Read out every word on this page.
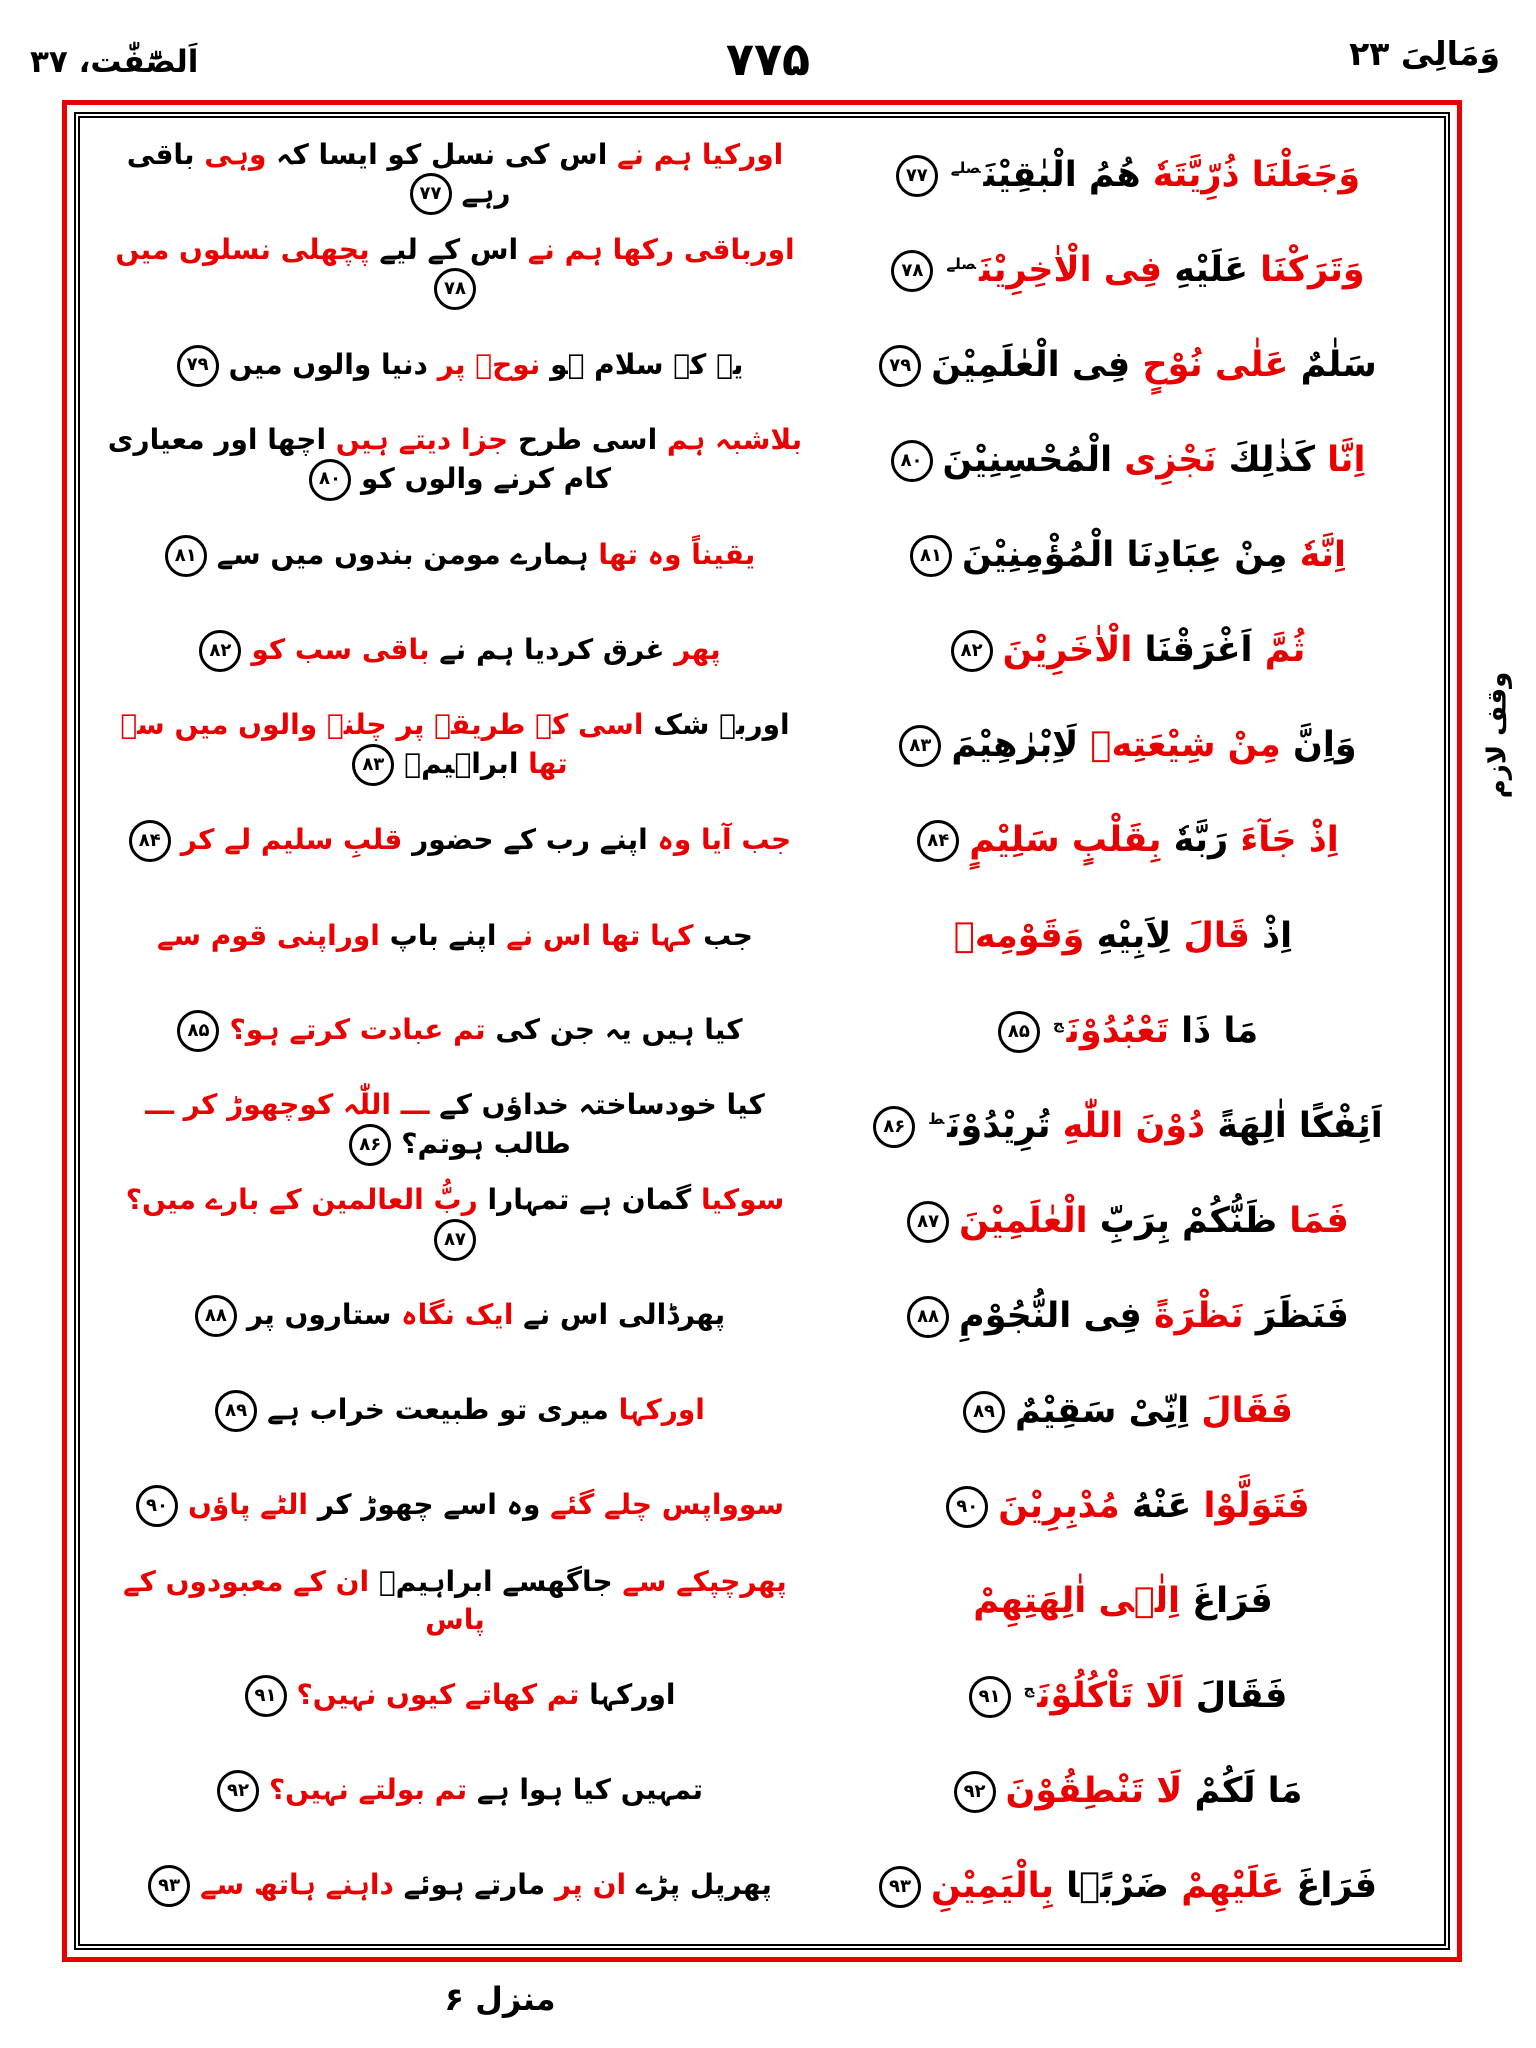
اَلصّٰٓفّٰت، ۳۷	۷۷۵	وَمَالِیَ ۲۳
وَجَعَلْنَا ذُرِّيَّتَهٗ هُمُ الْبٰقِيْنَ$^{صلے}$۷۷
اورکیا ہم نے اس کی نسل کو ایسا کہ وہی باقی رہے۷۷
وَتَرَكْنَا عَلَيْهِ فِی الْاٰخِرِيْنَ$^{صلے}$۷۸
اورباقی رکھا ہم نے اس کے لیے پچھلی نسلوں میں۷۸
سَلٰمٌ عَلٰی نُوْحٍ فِی الْعٰلَمِيْنَ۷۹
یہ کہ سلام ہو نوحؑ پر دنیا والوں میں۷۹
اِنَّا كَذٰلِكَ نَجْزِی الْمُحْسِنِيْنَ۸۰
بلاشبہ ہم اسی طرح جزا دیتے ہیں اچھا اور معیاری کام کرنے والوں کو۸۰
اِنَّهٗ مِنْ عِبَادِنَا الْمُؤْمِنِيْنَ۸۱
یقیناً وہ تھا ہمارے مومن بندوں میں سے۸۱
ثُمَّ اَغْرَقْنَا الْاٰخَرِيْنَ۸۲
پھر غرق کردیا ہم نے باقی سب کو۸۲
وَاِنَّ مِنْ شِيْعَتِهٖ لَاِبْرٰهِيْمَ۸۳
اوربے شک اسی کے طریقے پر چلنے والوں میں سے تھا ابراہیمؑ۸۳
اِذْ جَآءَ رَبَّهٗ بِقَلْبٍ سَلِيْمٍ۸۴
جب آیا وہ اپنے رب کے حضور قلبِ سلیم لے کر۸۴
اِذْ قَالَ لِاَبِيْهِ وَقَوْمِهٖ
جب کہا تھا اس نے اپنے باپ اوراپنی قوم سے
مَا ذَا تَعْبُدُوْنَ$^ج$۸۵
کیا ہیں یہ جن کی تم عبادت کرتے ہو؟۸۵
اَئِفْكًا اٰلِهَةً دُوْنَ اللّٰهِ تُرِيْدُوْنَ$^ط$۸۶
کیا خودساختہ خداؤں کے ـــ اللّٰہ کوچھوڑ کر ـــ طالب ہوتم؟۸۶
فَمَا ظَنُّكُمْ بِرَبِّ الْعٰلَمِيْنَ۸۷
سوکیا گمان ہے تمہارا ربُّ العالمین کے بارے میں؟۸۷
فَنَظَرَ نَظْرَةً فِی النُّجُوْمِ۸۸
پھرڈالی اس نے ایک نگاہ ستاروں پر۸۸
فَقَالَ اِنِّیْ سَقِيْمٌ۸۹
اورکہا میری تو طبیعت خراب ہے۸۹
فَتَوَلَّوْا عَنْهُ مُدْبِرِيْنَ۹۰
سوواپس چلے گئے وہ اسے چھوڑ کر الٹے پاؤں۹۰
فَرَاغَ اِلٰۤی اٰلِهَتِهِمْ
پھرچپکے سے جاگھسے ابراہیمؑ ان کے معبودوں کے پاس
فَقَالَ اَلَا تَاْكُلُوْنَ$^ج$۹۱
اورکہا تم کھاتے کیوں نہیں؟۹۱
مَا لَكُمْ لَا تَنْطِقُوْنَ۹۲
تمہیں کیا ہوا ہے تم بولتے نہیں؟۹۲
فَرَاغَ عَلَيْهِمْ ضَرْبًۢا بِالْيَمِيْنِ۹۳
پھرپل پڑے ان پر مارتے ہوئے داہنے ہاتھ سے۹۳
وقف لازم
منزل ۶
